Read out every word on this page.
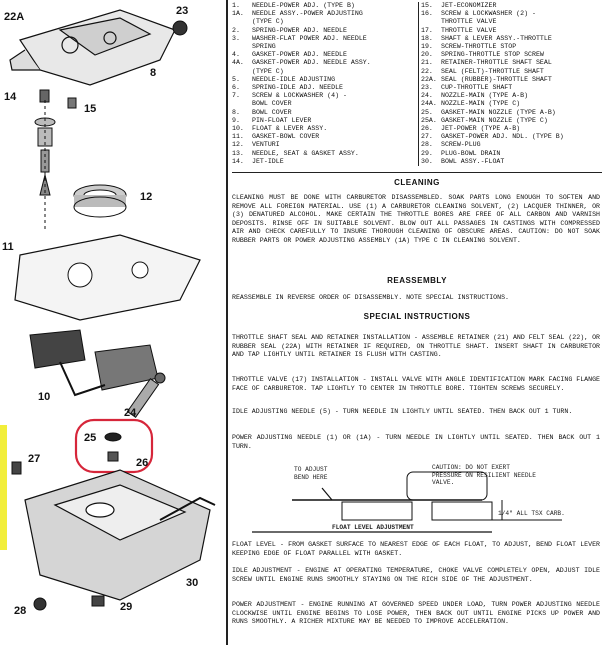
22A	23
8
14
15
12
11
10
24
25
26
27
30
28	29
1. NEEDLE-POWER ADJ. (TYPE B)
1A. NEEDLE ASSY.-POWER ADJUSTING
(TYPE C)
2. SPRING-POWER ADJ. NEEDLE
3. WASHER-FLAT POWER ADJ. NEEDLE
SPRING
4. GASKET-POWER ADJ. NEEDLE
4A. GASKET-POWER ADJ. NEEDLE ASSY.
(TYPE C)
5. NEEDLE-IDLE ADJUSTING
6. SPRING-IDLE ADJ. NEEDLE
7. SCREW & LOCKWASHER (4) -
BOWL COVER
8. BOWL COVER
9. PIN-FLOAT LEVER
10. FLOAT & LEVER ASSY.
11. GASKET-BOWL COVER
12. VENTURI
13. NEEDLE, SEAT & GASKET ASSY.
14. JET-IDLE
15. JET-ECONOMIZER
16. SCREW & LOCKWASHER (2) -
THROTTLE VALVE
17. THROTTLE VALVE
18. SHAFT & LEVER ASSY.-THROTTLE
19. SCREW-THROTTLE STOP
20. SPRING-THROTTLE STOP SCREW
21. RETAINER-THROTTLE SHAFT SEAL
22. SEAL (FELT)-THROTTLE SHAFT
22A. SEAL (RUBBER)-THROTTLE SHAFT
23. CUP-THROTTLE SHAFT
24. NOZZLE-MAIN (TYPE A-B)
24A. NOZZLE-MAIN (TYPE C)
25. GASKET-MAIN NOZZLE (TYPE A-B)
25A. GASKET-MAIN NOZZLE (TYPE C)
26. JET-POWER (TYPE A-B)
27. GASKET-POWER ADJ. NDL. (TYPE B)
28. SCREW-PLUG
29. PLUG-BOWL DRAIN
30. BOWL ASSY.-FLOAT
CLEANING
CLEANING MUST BE DONE WITH CARBURETOR DISASSEMBLED. SOAK PARTS LONG ENOUGH TO SOFTEN AND REMOVE ALL FOREIGN MATERIAL. USE (1) A CARBURETOR CLEANING SOLVENT, (2) LACQUER THINNER, OR (3) DENATURED ALCOHOL. MAKE CERTAIN THE THROTTLE BORES ARE FREE OF ALL CARBON AND VARNISH DEPOSITS. RINSE OFF IN SUITABLE SOLVENT. BLOW OUT ALL PASSAGES IN CASTINGS WITH COMPRESSED AIR AND CHECK CAREFULLY TO INSURE THOROUGH CLEANING OF OBSCURE AREAS. CAUTION: DO NOT SOAK RUBBER PARTS OR POWER ADJUSTING ASSEMBLY (1A) TYPE C IN CLEANING SOLVENT.
REASSEMBLY
REASSEMBLE IN REVERSE ORDER OF DISASSEMBLY. NOTE SPECIAL INSTRUCTIONS.
SPECIAL INSTRUCTIONS
THROTTLE SHAFT SEAL AND RETAINER INSTALLATION - ASSEMBLE RETAINER (21) AND FELT SEAL (22), OR RUBBER SEAL (22A) WITH RETAINER IF REQUIRED, ON THROTTLE SHAFT. INSERT SHAFT IN CARBURETOR AND TAP LIGHTLY UNTIL RETAINER IS FLUSH WITH CASTING.
THROTTLE VALVE (17) INSTALLATION - INSTALL VALVE WITH ANGLE IDENTIFICATION MARK FACING FLANGE FACE OF CARBURETOR. TAP LIGHTLY TO CENTER IN THROTTLE BORE. TIGHTEN SCREWS SECURELY.
IDLE ADJUSTING NEEDLE (5) - TURN NEEDLE IN LIGHTLY UNTIL SEATED. THEN BACK OUT 1 TURN.
POWER ADJUSTING NEEDLE (1) OR (1A) - TURN NEEDLE IN LIGHTLY UNTIL SEATED. THEN BACK OUT 1 TURN.
TO ADJUST
BEND HERE
CAUTION: DO NOT EXERT PRESSURE ON RESILIENT NEEDLE VALVE.
1/4" ALL TSX CARB.
FLOAT LEVEL ADJUSTMENT
FLOAT LEVEL - FROM GASKET SURFACE TO NEAREST EDGE OF EACH FLOAT, TO ADJUST, BEND FLOAT LEVER KEEPING EDGE OF FLOAT PARALLEL WITH GASKET.
IDLE ADJUSTMENT - ENGINE AT OPERATING TEMPERATURE, CHOKE VALVE COMPLETELY OPEN, ADJUST IDLE SCREW UNTIL ENGINE RUNS SMOOTHLY STAYING ON THE RICH SIDE OF THE ADJUSTMENT.
POWER ADJUSTMENT - ENGINE RUNNING AT GOVERNED SPEED UNDER LOAD, TURN POWER ADJUSTING NEEDLE CLOCKWISE UNTIL ENGINE BEGINS TO LOSE POWER, THEN BACK OUT UNTIL ENGINE PICKS UP POWER AND RUNS SMOOTHLY. A RICHER MIXTURE MAY BE NEEDED TO IMPROVE ACCELERATION.
